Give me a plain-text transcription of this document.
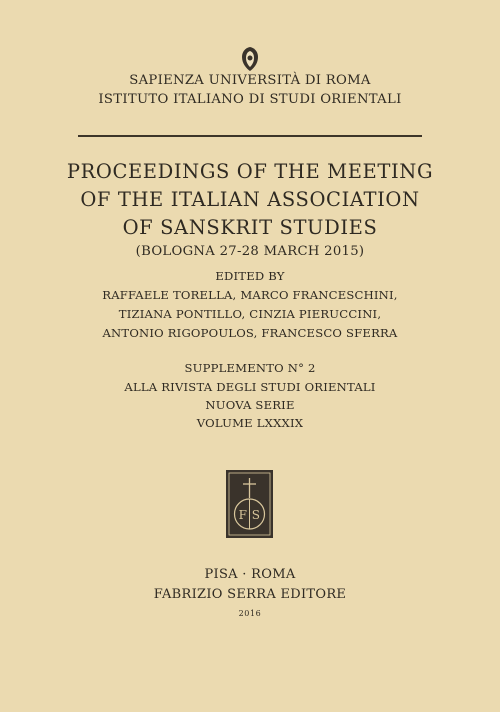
SAPIENZA UNIVERSITÀ DI ROMA
ISTITUTO ITALIANO DI STUDI ORIENTALI
PROCEEDINGS OF THE MEETING
OF THE ITALIAN ASSOCIATION
OF SANSKRIT STUDIES
(BOLOGNA 27-28 MARCH 2015)
EDITED BY
RAFFAELE TORELLA, MARCO FRANCESCHINI,
TIZIANA PONTILLO, CINZIA PIERUCCINI,
ANTONIO RIGOPOULOS, FRANCESCO SFERRA
SUPPLEMENTO N° 2
ALLA RIVISTA DEGLI STUDI ORIENTALI
NUOVA SERIE
VOLUME LXXXIX
F S
PISA · ROMA
FABRIZIO SERRA EDITORE
2016
